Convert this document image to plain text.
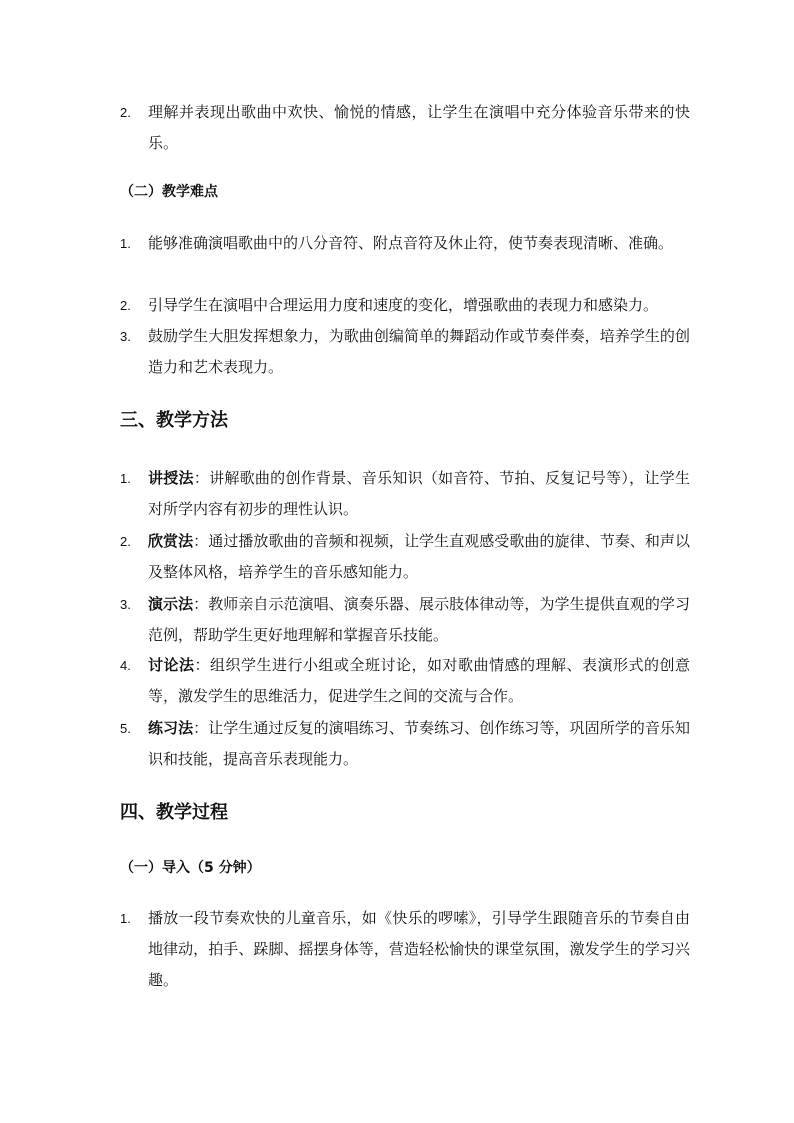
2.	理解并表现出歌曲中欢快、愉悦的情感，让学生在演唱中充分体验音乐带来的快乐。
（二）教学难点
1.	能够准确演唱歌曲中的八分音符、附点音符及休止符，使节奏表现清晰、准确。
2.	引导学生在演唱中合理运用力度和速度的变化，增强歌曲的表现力和感染力。
3.	鼓励学生大胆发挥想象力，为歌曲创编简单的舞蹈动作或节奏伴奏，培养学生的创造力和艺术表现力。
三、教学方法
1.	讲授法：讲解歌曲的创作背景、音乐知识（如音符、节拍、反复记号等），让学生对所学内容有初步的理性认识。
2.	欣赏法：通过播放歌曲的音频和视频，让学生直观感受歌曲的旋律、节奏、和声以及整体风格，培养学生的音乐感知能力。
3.	演示法：教师亲自示范演唱、演奏乐器、展示肢体律动等，为学生提供直观的学习范例，帮助学生更好地理解和掌握音乐技能。
4.	讨论法：组织学生进行小组或全班讨论，如对歌曲情感的理解、表演形式的创意等，激发学生的思维活力，促进学生之间的交流与合作。
5.	练习法：让学生通过反复的演唱练习、节奏练习、创作练习等，巩固所学的音乐知识和技能，提高音乐表现能力。
四、教学过程
（一）导入（5 分钟）
1.	播放一段节奏欢快的儿童音乐，如《快乐的啰嗦》，引导学生跟随音乐的节奏自由地律动，拍手、跺脚、摇摆身体等，营造轻松愉快的课堂氛围，激发学生的学习兴趣。
